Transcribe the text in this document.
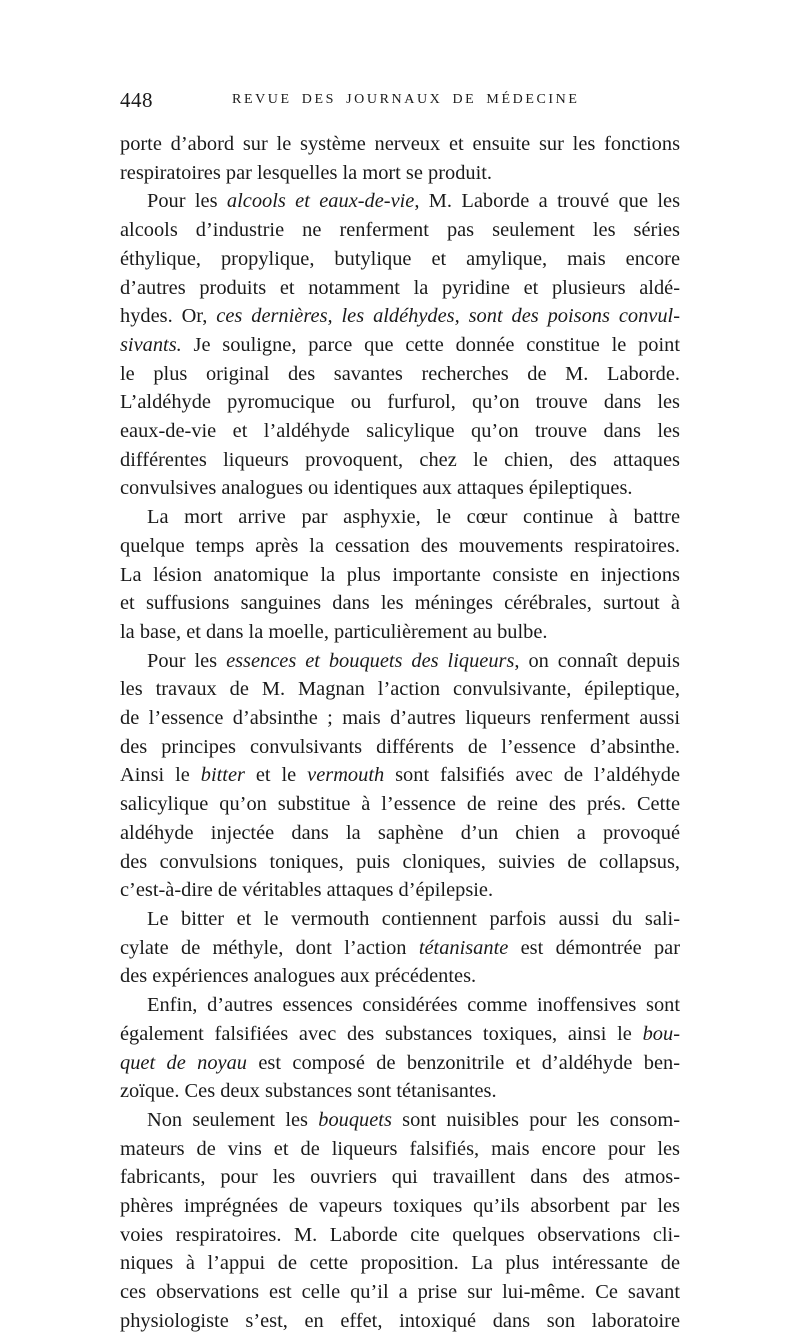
448	REVUE DES JOURNAUX DE MÉDECINE
porte d’abord sur le système nerveux et ensuite sur les fonctions
respiratoires par lesquelles la mort se produit.
Pour les alcools et eaux-de-vie, M. Laborde a trouvé que les
alcools d’industrie ne renferment pas seulement les séries
éthylique, propylique, butylique et amylique, mais encore
d’autres produits et notamment la pyridine et plusieurs aldé-
hydes. Or, ces dernières, les aldéhydes, sont des poisons convul-
sivants. Je souligne, parce que cette donnée constitue le point
le plus original des savantes recherches de M. Laborde.
L’aldéhyde pyromucique ou furfurol, qu’on trouve dans les
eaux-de-vie et l’aldéhyde salicylique qu’on trouve dans les
différentes liqueurs provoquent, chez le chien, des attaques
convulsives analogues ou identiques aux attaques épileptiques.
La mort arrive par asphyxie, le cœur continue à battre
quelque temps après la cessation des mouvements respiratoires.
La lésion anatomique la plus importante consiste en injections
et suffusions sanguines dans les méninges cérébrales, surtout à
la base, et dans la moelle, particulièrement au bulbe.
Pour les essences et bouquets des liqueurs, on connaît depuis
les travaux de M. Magnan l’action convulsivante, épileptique,
de l’essence d’absinthe ; mais d’autres liqueurs renferment aussi
des principes convulsivants différents de l’essence d’absinthe.
Ainsi le bitter et le vermouth sont falsifiés avec de l’aldéhyde
salicylique qu’on substitue à l’essence de reine des prés. Cette
aldéhyde injectée dans la saphène d’un chien a provoqué
des convulsions toniques, puis cloniques, suivies de collapsus,
c’est-à-dire de véritables attaques d’épilepsie.
Le bitter et le vermouth contiennent parfois aussi du sali-
cylate de méthyle, dont l’action tétanisante est démontrée par
des expériences analogues aux précédentes.
Enfin, d’autres essences considérées comme inoffensives sont
également falsifiées avec des substances toxiques, ainsi le bou-
quet de noyau est composé de benzonitrile et d’aldéhyde ben-
zoïque. Ces deux substances sont tétanisantes.
Non seulement les bouquets sont nuisibles pour les consom-
mateurs de vins et de liqueurs falsifiés, mais encore pour les
fabricants, pour les ouvriers qui travaillent dans des atmos-
phères imprégnées de vapeurs toxiques qu’ils absorbent par les
voies respiratoires. M. Laborde cite quelques observations cli-
niques à l’appui de cette proposition. La plus intéressante de
ces observations est celle qu’il a prise sur lui-même. Ce savant
physiologiste s’est, en effet, intoxiqué dans son laboratoire
